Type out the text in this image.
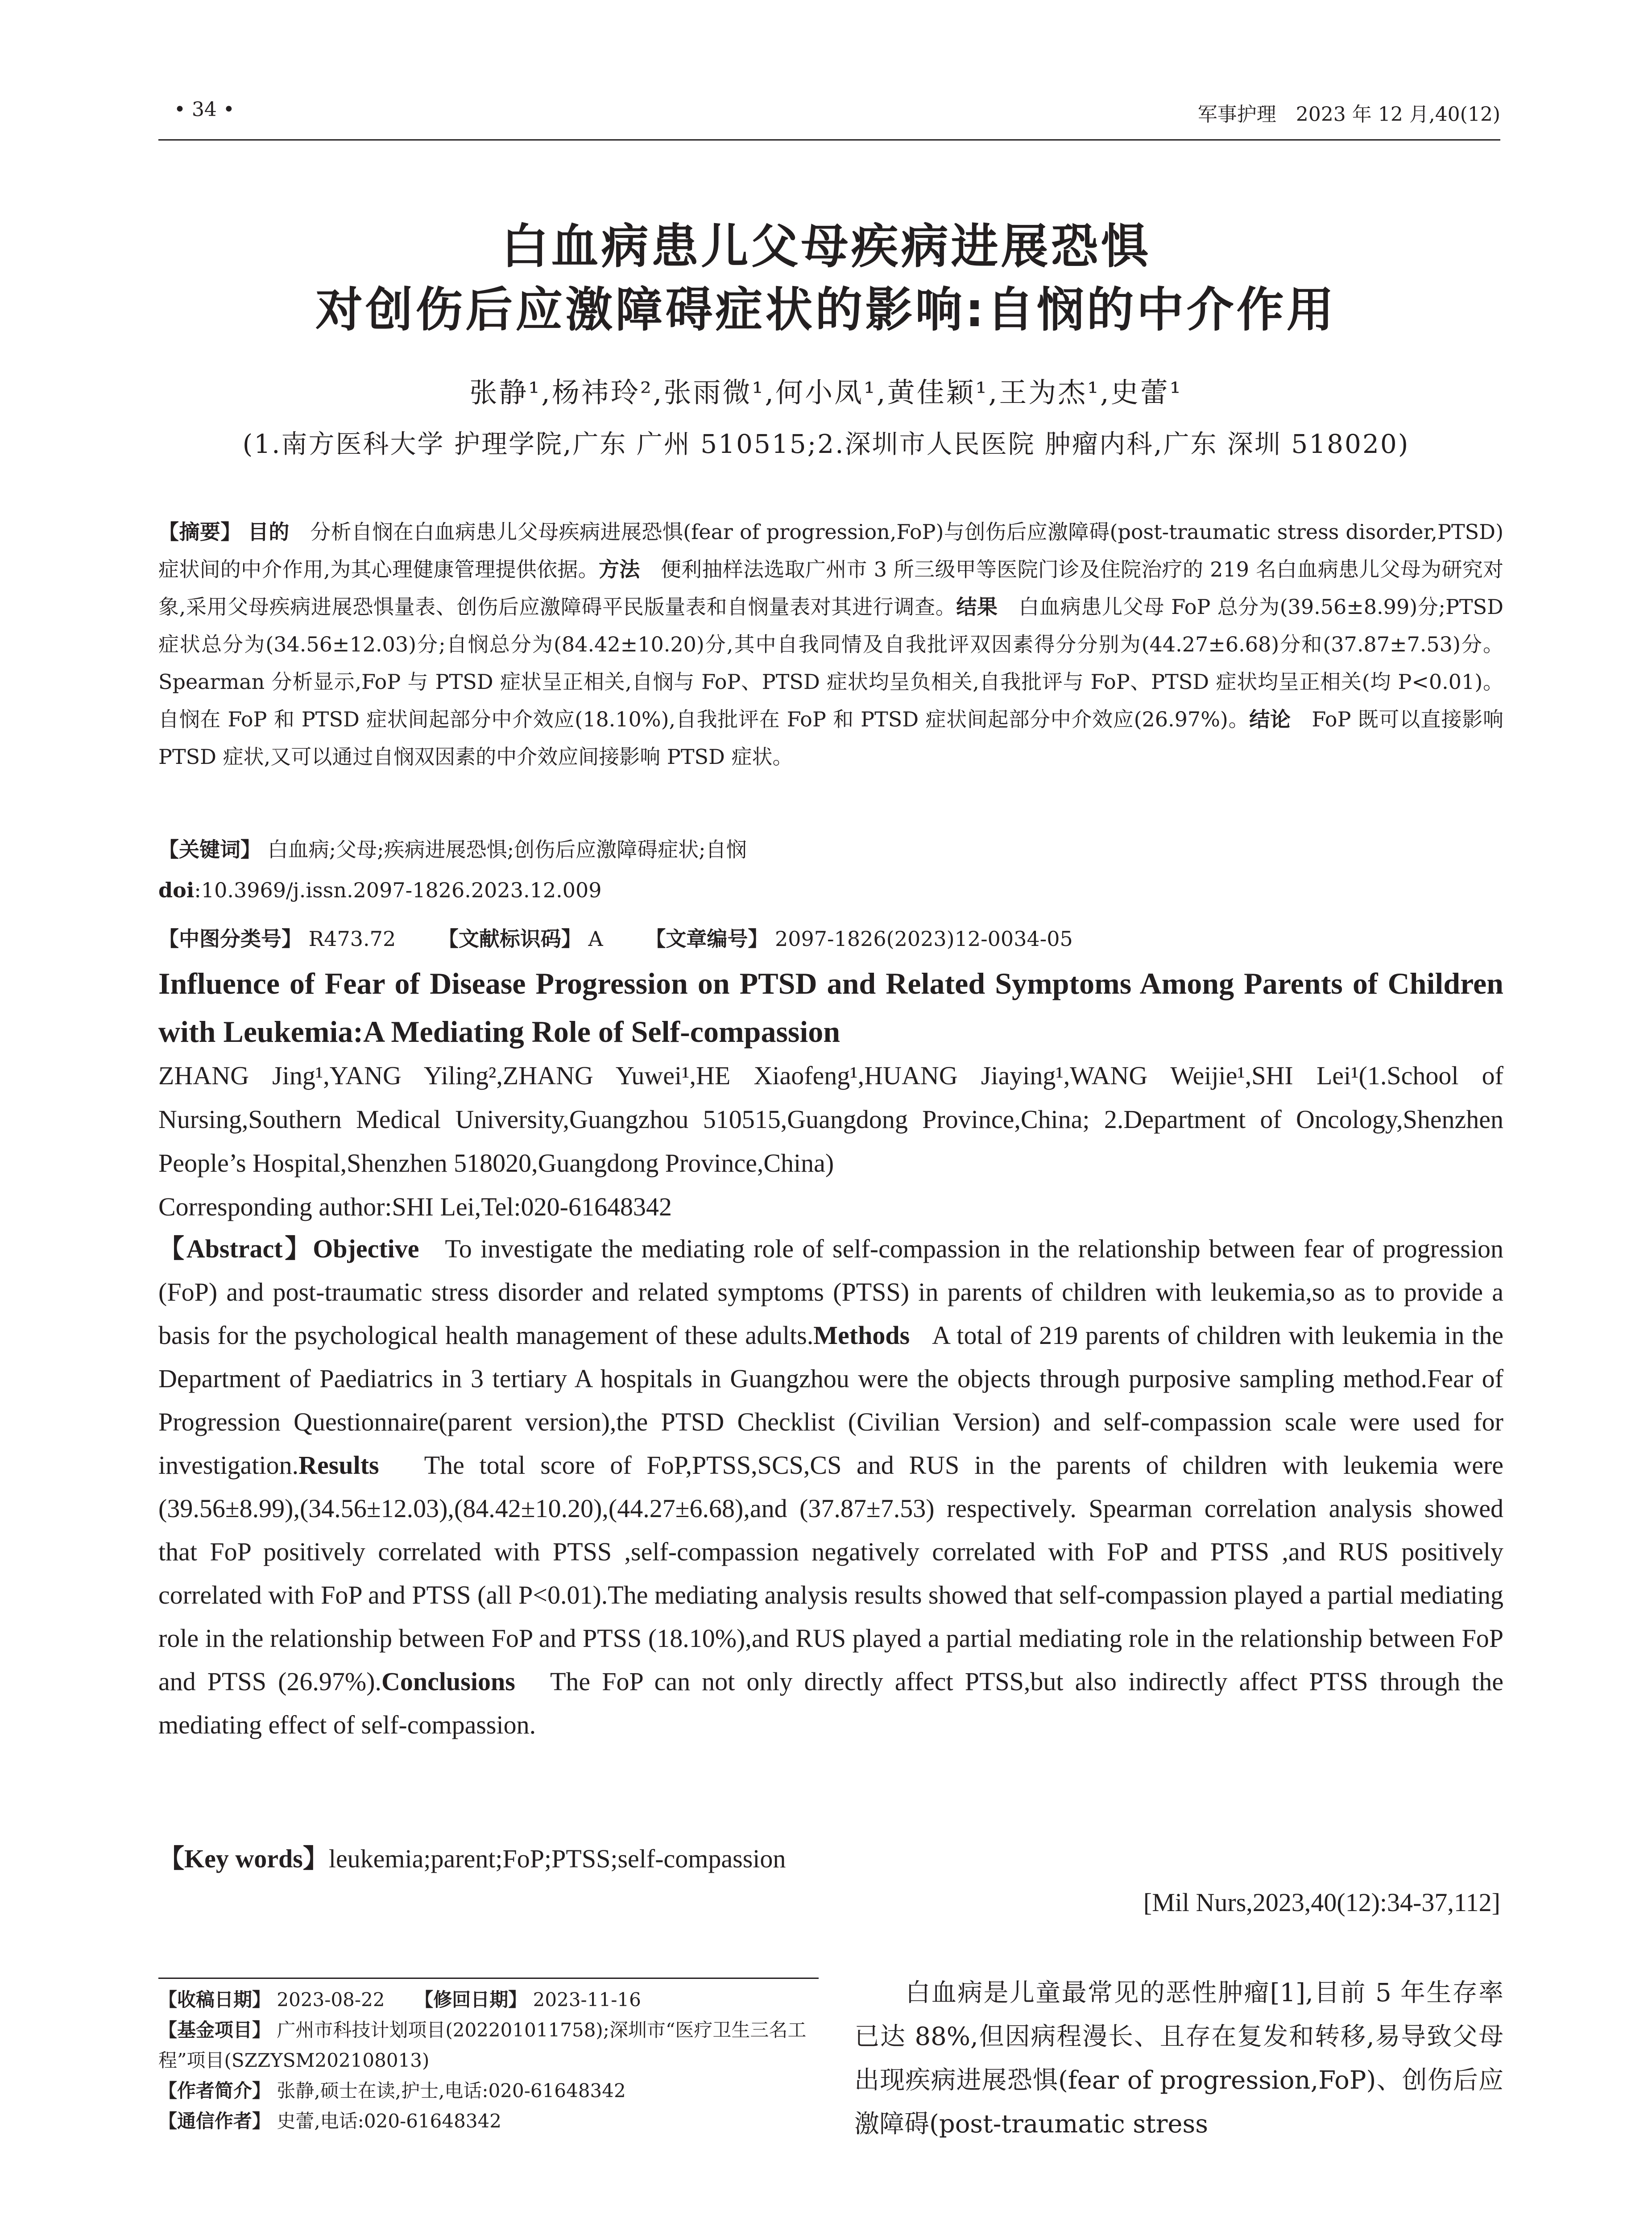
• 34 •	军事护理　2023 年 12 月,40(12)
白血病患儿父母疾病进展恐惧
对创伤后应激障碍症状的影响:自悯的中介作用
张静¹,杨祎玲²,张雨微¹,何小凤¹,黄佳颖¹,王为杰¹,史蕾¹
(1.南方医科大学 护理学院,广东 广州 510515;2.深圳市人民医院 肿瘤内科,广东 深圳 518020)
【摘要】 目的　 分析自悯在白血病患儿父母疾病进展恐惧(fear of progression,FoP)与创伤后应激障碍(post-traumatic stress disorder,PTSD)症状间的中介作用,为其心理健康管理提供依据。方法　 便利抽样法选取广州市 3 所三级甲等医院门诊及住院治疗的 219 名白血病患儿父母为研究对象,采用父母疾病进展恐惧量表、创伤后应激障碍平民版量表和自悯量表对其进行调查。结果　 白血病患儿父母 FoP 总分为(39.56±8.99)分;PTSD 症状总分为(34.56±12.03)分;自悯总分为(84.42±10.20)分,其中自我同情及自我批评双因素得分分别为(44.27±6.68)分和(37.87±7.53)分。Spearman 分析显示,FoP 与 PTSD 症状呈正相关,自悯与 FoP、PTSD 症状均呈负相关,自我批评与 FoP、PTSD 症状均呈正相关(均 P<0.01)。自悯在 FoP 和 PTSD 症状间起部分中介效应(18.10%),自我批评在 FoP 和 PTSD 症状间起部分中介效应(26.97%)。结论　 FoP 既可以直接影响 PTSD 症状,又可以通过自悯双因素的中介效应间接影响 PTSD 症状。
【关键词】 白血病;父母;疾病进展恐惧;创伤后应激障碍症状;自悯
doi:10.3969/j.issn.2097-1826.2023.12.009
【中图分类号】 R473.72 【文献标识码】 A 【文章编号】 2097-1826(2023)12-0034-05
Influence of Fear of Disease Progression on PTSD and Related Symptoms Among Parents of Children with Leukemia:A Mediating Role of Self-compassion
ZHANG Jing¹,YANG Yiling²,ZHANG Yuwei¹,HE Xiaofeng¹,HUANG Jiaying¹,WANG Weijie¹,SHI Lei¹(1.School of Nursing,Southern Medical University,Guangzhou 510515,Guangdong Province,China; 2.Department of Oncology,Shenzhen People’s Hospital,Shenzhen 518020,Guangdong Province,China)
Corresponding author:SHI Lei,Tel:020-61648342
【Abstract】Objective To investigate the mediating role of self-compassion in the relationship between fear of progression (FoP) and post-traumatic stress disorder and related symptoms (PTSS) in parents of children with leukemia,so as to provide a basis for the psychological health management of these adults.Methods A total of 219 parents of children with leukemia in the Department of Paediatrics in 3 tertiary A hospitals in Guangzhou were the objects through purposive sampling method.Fear of Progression Questionnaire(parent version),the PTSD Checklist (Civilian Version) and self-compassion scale were used for investigation.Results The total score of FoP,PTSS,SCS,CS and RUS in the parents of children with leukemia were (39.56±8.99),(34.56±12.03),(84.42±10.20),(44.27±6.68),and (37.87±7.53) respectively. Spearman correlation analysis showed that FoP positively correlated with PTSS ,self-compassion negatively correlated with FoP and PTSS ,and RUS positively correlated with FoP and PTSS (all P<0.01).The mediating analysis results showed that self-compassion played a partial mediating role in the relationship between FoP and PTSS (18.10%),and RUS played a partial mediating role in the relationship between FoP and PTSS (26.97%).Conclusions The FoP can not only directly affect PTSS,but also indirectly affect PTSS through the mediating effect of self-compassion.
【Key words】leukemia;parent;FoP;PTSS;self-compassion
[Mil Nurs,2023,40(12):34-37,112]
【收稿日期】 2023-08-22 【修回日期】 2023-11-16
【基金项目】 广州市科技计划项目(202201011758);深圳市“医疗卫生三名工程”项目(SZZYSM202108013)
【作者简介】 张静,硕士在读,护士,电话:020-61648342
【通信作者】 史蕾,电话:020-61648342
白血病是儿童最常见的恶性肿瘤[1],目前 5 年生存率已达 88%,但因病程漫长、且存在复发和转移,易导致父母出现疾病进展恐惧(fear of progression,FoP)、创伤后应激障碍(post-traumatic stress
